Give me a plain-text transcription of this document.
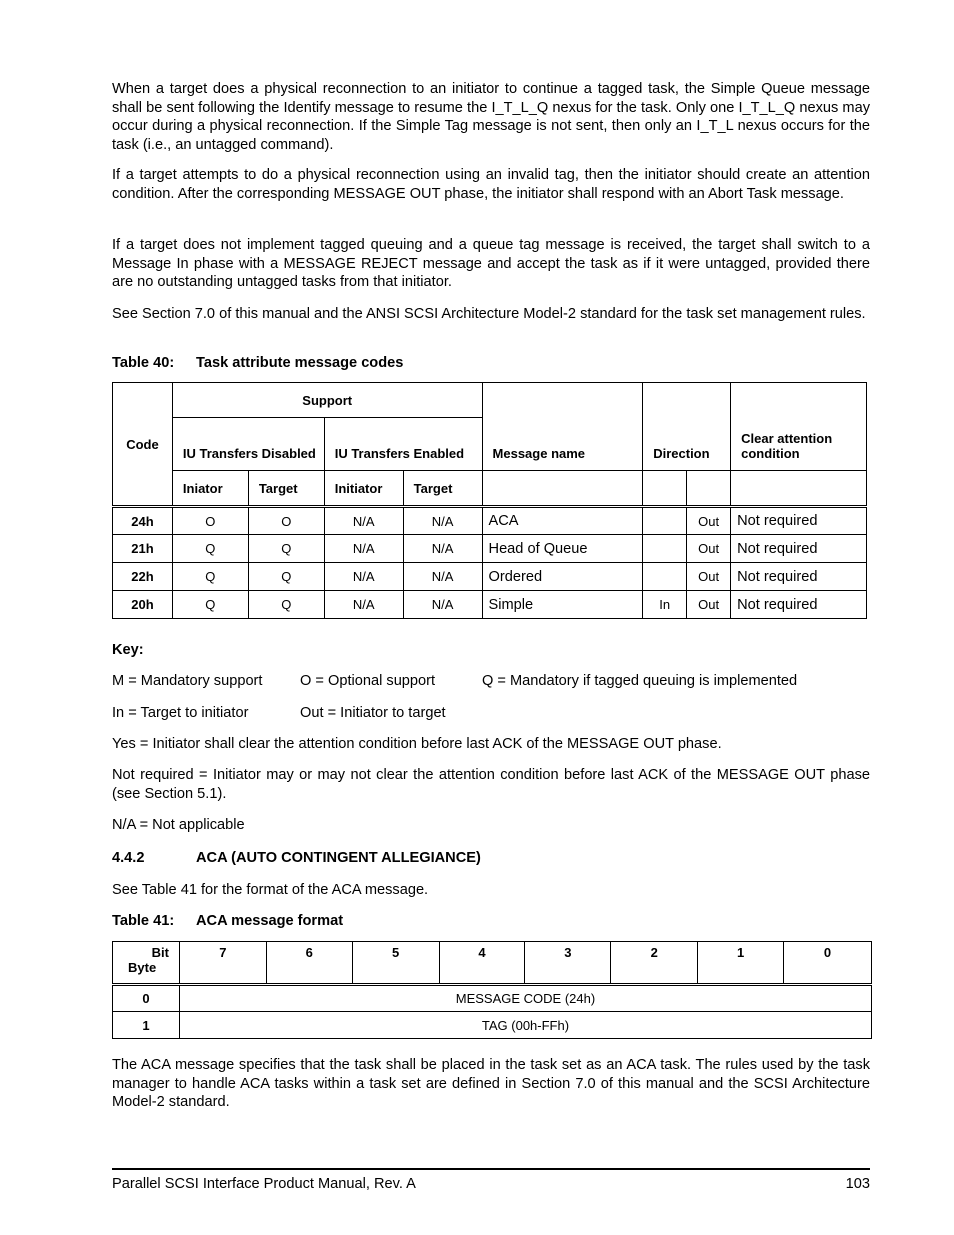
When a target does a physical reconnection to an initiator to continue a tagged task, the Simple Queue message shall be sent following the Identify message to resume the I_T_L_Q nexus for the task. Only one I_T_L_Q nexus may occur during a physical reconnection. If the Simple Tag message is not sent, then only an I_T_L nexus occurs for the task (i.e., an untagged command).

If a target attempts to do a physical reconnection using an invalid tag, then the initiator should create an attention condition. After the corresponding MESSAGE OUT phase, the initiator shall respond with an Abort Task message.

If a target does not implement tagged queuing and a queue tag message is received, the target shall switch to a Message In phase with a MESSAGE REJECT message and accept the task as if it were untagged, provided there are no outstanding untagged tasks from that initiator.

See Section 7.0 of this manual and the ANSI SCSI Architecture Model-2 standard for the task set management rules.

Table 40: Task attribute message codes
Code	Support				Message name	Direction		Clear attention condition
	IU Transfers Disabled		IU Transfers Enabled					
	Iniator	Target	Initiator	Target				
24h	O	O	N/A	N/A	ACA		Out	Not required
21h	Q	Q	N/A	N/A	Head of Queue		Out	Not required
22h	Q	Q	N/A	N/A	Ordered		Out	Not required
20h	Q	Q	N/A	N/A	Simple	In	Out	Not required
Key:
M = Mandatory support	O = Optional support	Q = Mandatory if tagged queuing is implemented
In = Target to initiator	Out = Initiator to target
Yes = Initiator shall clear the attention condition before last ACK of the MESSAGE OUT phase.

Not required = Initiator may or may not clear the attention condition before last ACK of the MESSAGE OUT phase (see Section 5.1).

N/A = Not applicable
4.4.2	ACA (AUTO CONTINGENT ALLEGIANCE)
See Table 41 for the format of the ACA message.
Table 41: ACA message format
Bit
Byte	7	6	5	4	3	2	1	0
0	MESSAGE CODE (24h)							
1	TAG (00h-FFh)							

The ACA message specifies that the task shall be placed in the task set as an ACA task. The rules used by the task manager to handle ACA tasks within a task set are defined in Section 7.0 of this manual and the SCSI Architecture Model-2 standard.

Parallel SCSI Interface Product Manual, Rev. A	103
